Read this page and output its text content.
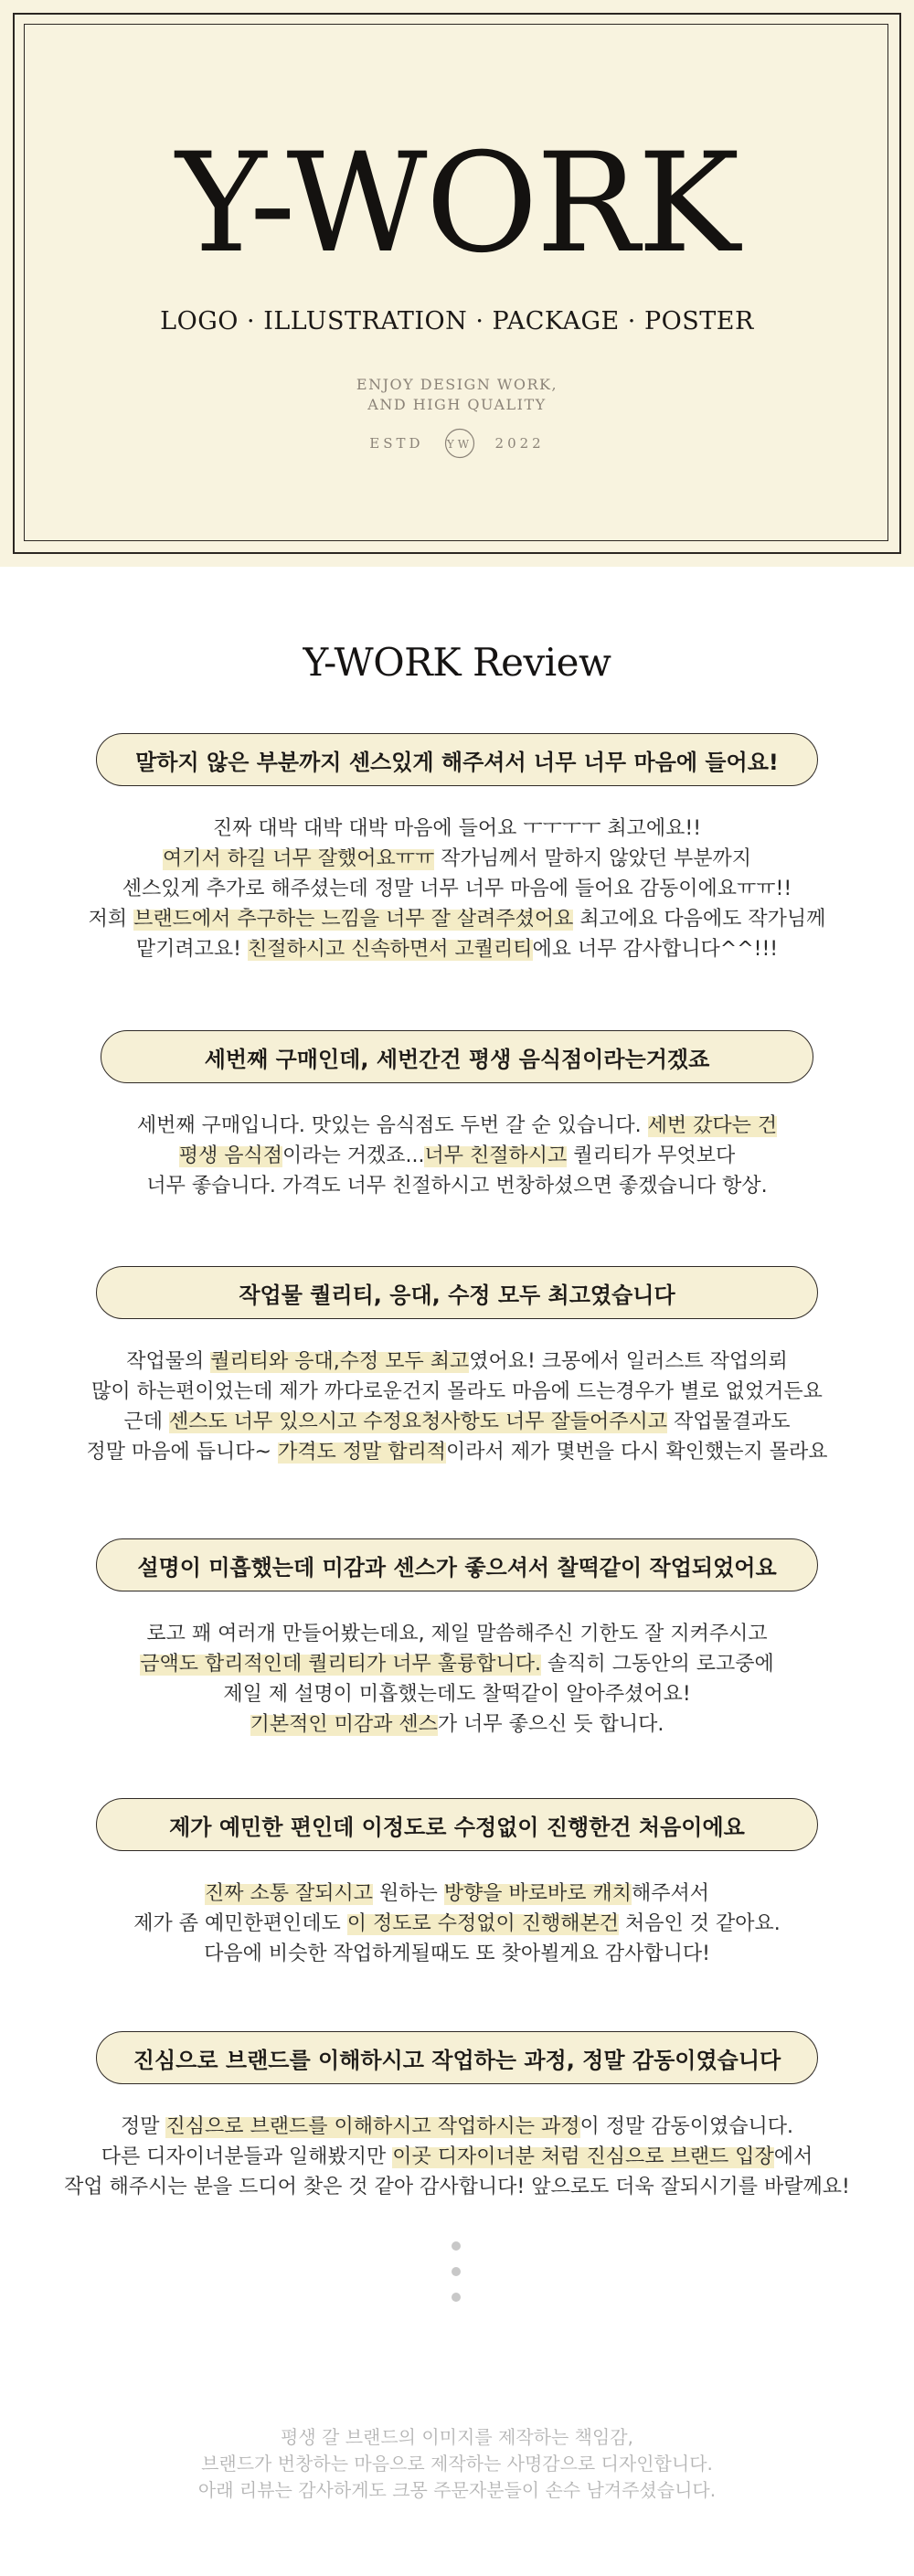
Y-WORK
LOGO · ILLUSTRATION · PACKAGE · POSTER
ENJOY DESIGN WORK,
AND HIGH QUALITY
ESTD YW 2022
Y-WORK Review
말하지 않은 부분까지 센스있게 해주셔서 너무 너무 마음에 들어요!

진짜 대박 대박 대박 마음에 들어요 ㅜㅜㅜㅜ 최고에요!!

여기서 하길 너무 잘했어요ㅠㅠ 작가님께서 말하지 않았던 부분까지

센스있게 추가로 해주셨는데 정말 너무 너무 마음에 들어요 감동이에요ㅠㅠ!!

저희 브랜드에서 추구하는 느낌을 너무 잘 살려주셨어요 최고에요 다음에도 작가님께

맡기려고요! 친절하시고 신속하면서 고퀄리티에요 너무 감사합니다^^!!!

세번째 구매인데, 세번간건 평생 음식점이라는거겠죠

세번째 구매입니다. 맛있는 음식점도 두번 갈 순 있습니다. 세번 갔다는 건

평생 음식점이라는 거겠죠...너무 친절하시고 퀄리티가 무엇보다

너무 좋습니다. 가격도 너무 친절하시고 번창하셨으면 좋겠습니다 항상.

작업물 퀄리티, 응대, 수정 모두 최고였습니다

작업물의 퀄리티와 응대,수정 모두 최고였어요! 크몽에서 일러스트 작업의뢰

많이 하는편이었는데 제가 까다로운건지 몰라도 마음에 드는경우가 별로 없었거든요

근데 센스도 너무 있으시고 수정요청사항도 너무 잘들어주시고 작업물결과도

정말 마음에 듭니다~ 가격도 정말 합리적이라서 제가 몇번을 다시 확인했는지 몰라요

설명이 미흡했는데 미감과 센스가 좋으셔서 찰떡같이 작업되었어요

로고 꽤 여러개 만들어봤는데요, 제일 말씀해주신 기한도 잘 지켜주시고

금액도 합리적인데 퀄리티가 너무 훌륭합니다. 솔직히 그동안의 로고중에

제일 제 설명이 미흡했는데도 찰떡같이 알아주셨어요!

기본적인 미감과 센스가 너무 좋으신 듯 합니다.

제가 예민한 편인데 이정도로 수정없이 진행한건 처음이에요

진짜 소통 잘되시고 원하는 방향을 바로바로 캐치해주셔서

제가 좀 예민한편인데도 이 정도로 수정없이 진행해본건 처음인 것 같아요.

다음에 비슷한 작업하게될때도 또 찾아뵐게요 감사합니다!

진심으로 브랜드를 이해하시고 작업하는 과정, 정말 감동이였습니다

정말 진심으로 브랜드를 이해하시고 작업하시는 과정이 정말 감동이였습니다.

다른 디자이너분들과 일해봤지만 이곳 디자이너분 처럼 진심으로 브랜드 입장에서

작업 해주시는 분을 드디어 찾은 것 같아 감사합니다! 앞으로도 더욱 잘되시기를 바랄께요!

평생 갈 브랜드의 이미지를 제작하는 책임감,

브랜드가 번창하는 마음으로 제작하는 사명감으로 디자인합니다.

아래 리뷰는 감사하게도 크몽 주문자분들이 손수 남겨주셨습니다.
